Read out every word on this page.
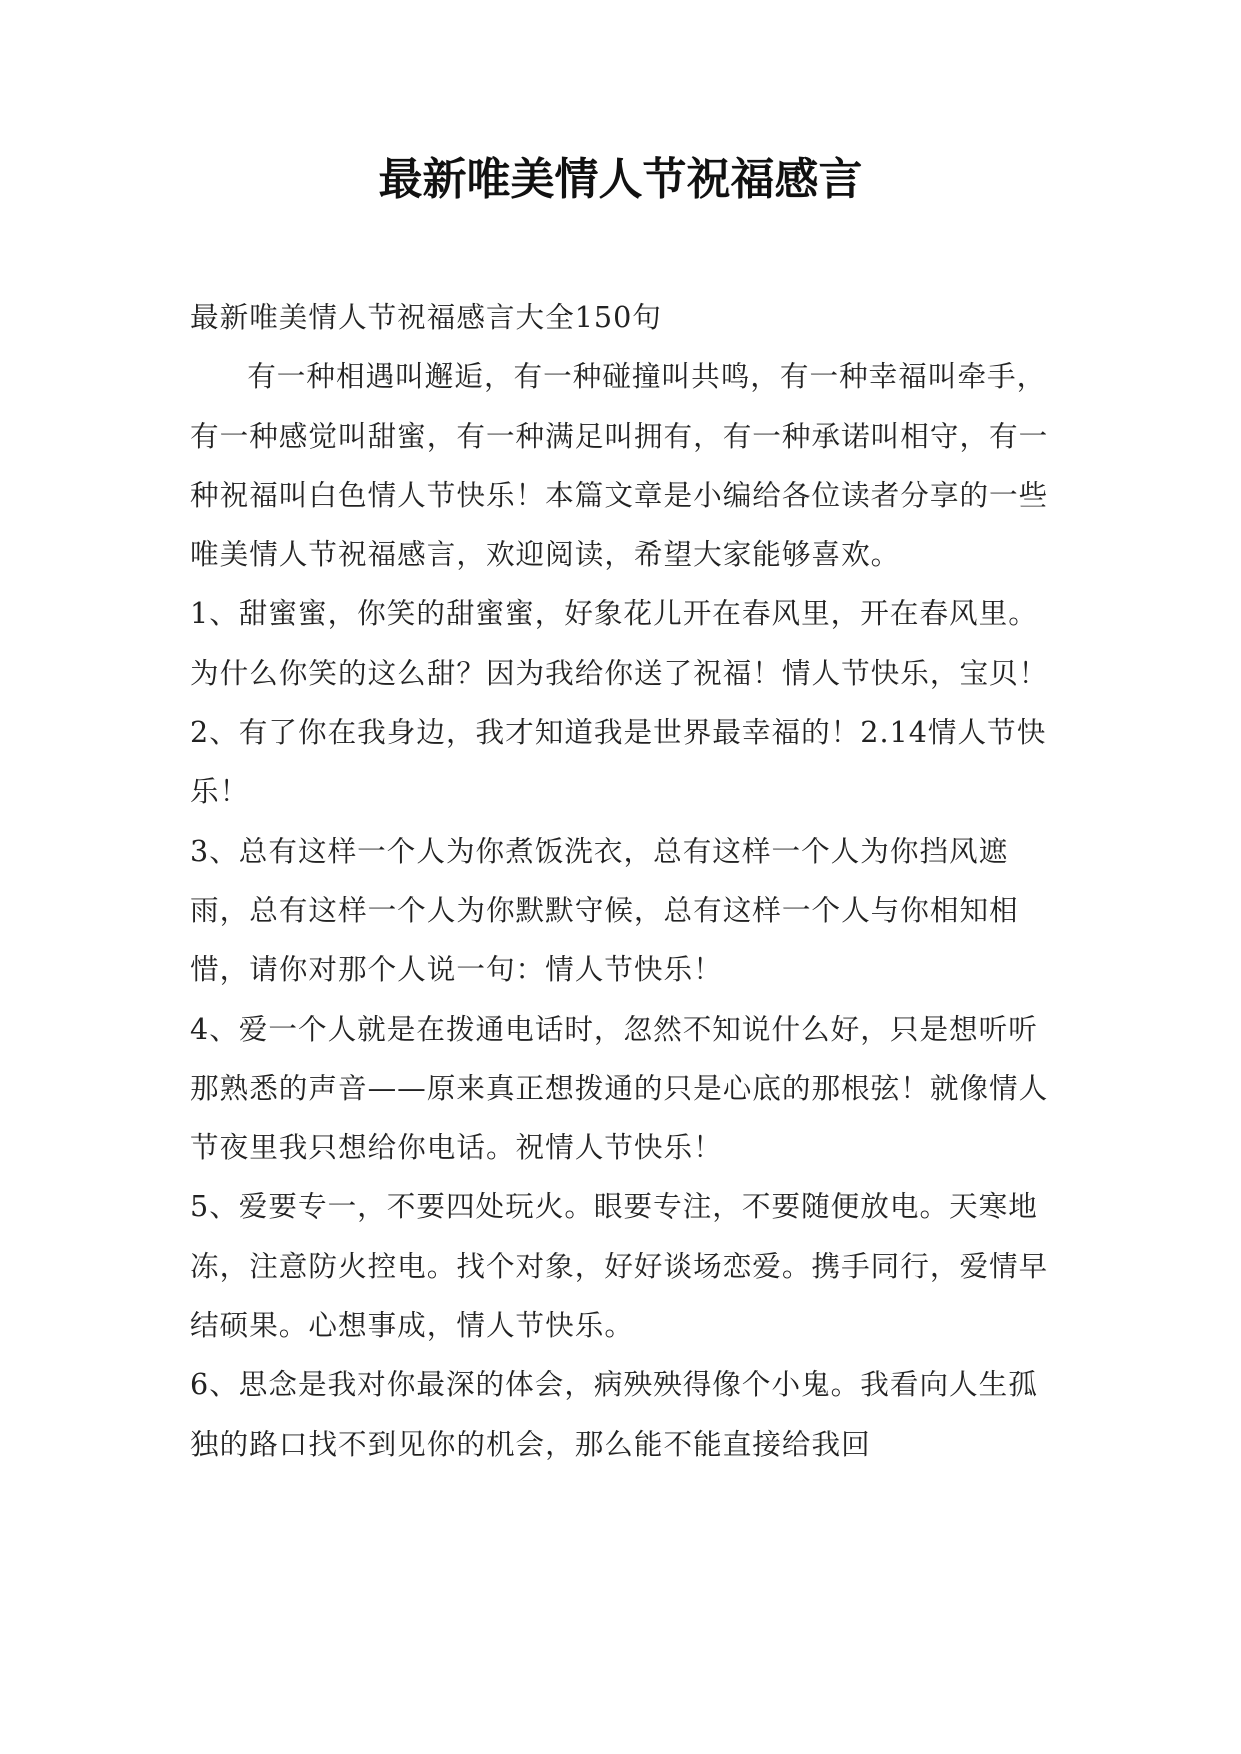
最新唯美情人节祝福感言

最新唯美情人节祝福感言大全150句

有一种相遇叫邂逅，有一种碰撞叫共鸣，有一种幸福叫牵手，有一种感觉叫甜蜜，有一种满足叫拥有，有一种承诺叫相守，有一种祝福叫白色情人节快乐！本篇文章是小编给各位读者分享的一些唯美情人节祝福感言，欢迎阅读，希望大家能够喜欢。

1、甜蜜蜜，你笑的甜蜜蜜，好象花儿开在春风里，开在春风里。为什么你笑的这么甜？因为我给你送了祝福！情人节快乐，宝贝！

2、有了你在我身边，我才知道我是世界最幸福的！2.14情人节快乐！

3、总有这样一个人为你煮饭洗衣，总有这样一个人为你挡风遮雨，总有这样一个人为你默默守候，总有这样一个人与你相知相惜，请你对那个人说一句：情人节快乐！

4、爱一个人就是在拨通电话时，忽然不知说什么好，只是想听听那熟悉的声音——原来真正想拨通的只是心底的那根弦！就像情人节夜里我只想给你电话。祝情人节快乐！

5、爱要专一，不要四处玩火。眼要专注，不要随便放电。天寒地冻，注意防火控电。找个对象，好好谈场恋爱。携手同行，爱情早结硕果。心想事成，情人节快乐。

6、思念是我对你最深的体会，病殃殃得像个小鬼。我看向人生孤独的路口找不到见你的机会，那么能不能直接给我回
